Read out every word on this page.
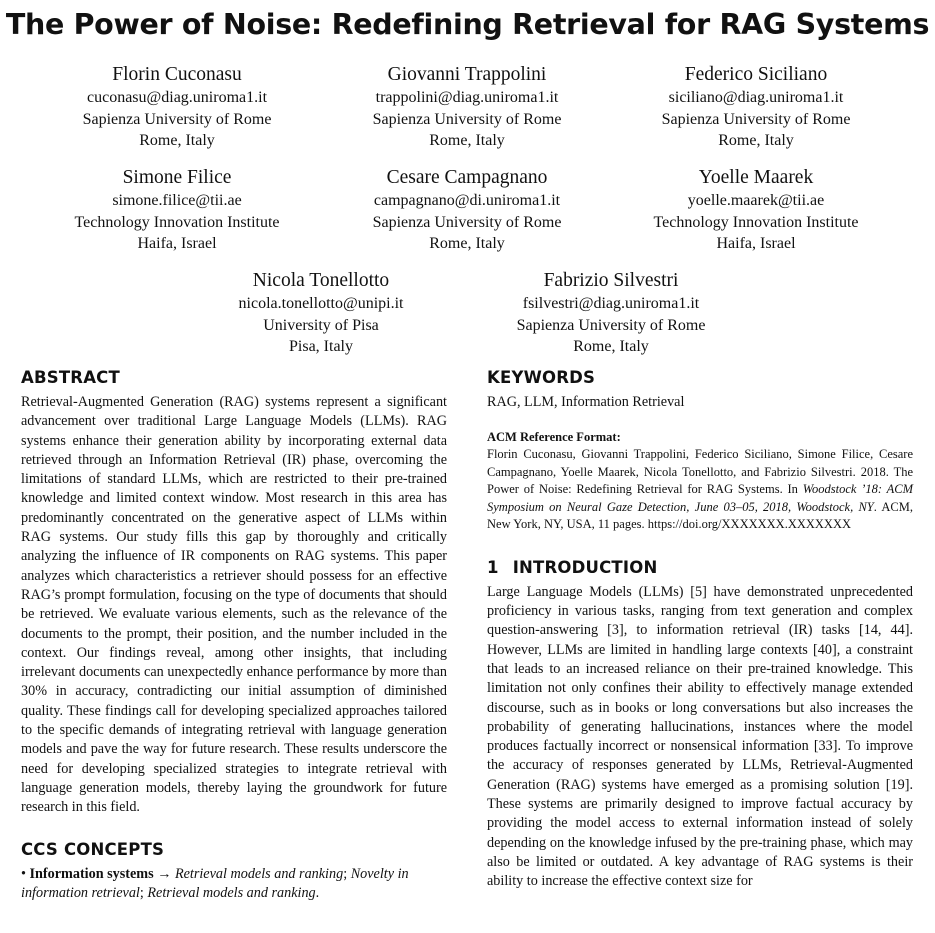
The Power of Noise: Redefining Retrieval for RAG Systems
Florin Cuconasu
cuconasu@diag.uniroma1.it
Sapienza University of Rome
Rome, Italy
Giovanni Trappolini
trappolini@diag.uniroma1.it
Sapienza University of Rome
Rome, Italy
Federico Siciliano
siciliano@diag.uniroma1.it
Sapienza University of Rome
Rome, Italy
Simone Filice
simone.filice@tii.ae
Technology Innovation Institute
Haifa, Israel
Cesare Campagnano
campagnano@di.uniroma1.it
Sapienza University of Rome
Rome, Italy
Yoelle Maarek
yoelle.maarek@tii.ae
Technology Innovation Institute
Haifa, Israel
Nicola Tonellotto
nicola.tonellotto@unipi.it
University of Pisa
Pisa, Italy
Fabrizio Silvestri
fsilvestri@diag.uniroma1.it
Sapienza University of Rome
Rome, Italy
ABSTRACT

Retrieval-Augmented Generation (RAG) systems represent a significant advancement over traditional Large Language Models (LLMs). RAG systems enhance their generation ability by incorporating external data retrieved through an Information Retrieval (IR) phase, overcoming the limitations of standard LLMs, which are restricted to their pre-trained knowledge and limited context window. Most research in this area has predominantly concentrated on the generative aspect of LLMs within RAG systems. Our study fills this gap by thoroughly and critically analyzing the influence of IR components on RAG systems. This paper analyzes which characteristics a retriever should possess for an effective RAG’s prompt formulation, focusing on the type of documents that should be retrieved. We evaluate various elements, such as the relevance of the documents to the prompt, their position, and the number included in the context. Our findings reveal, among other insights, that including irrelevant documents can unexpectedly enhance performance by more than 30% in accuracy, contradicting our initial assumption of diminished quality. These findings call for developing specialized approaches tailored to the specific demands of integrating retrieval with language generation models and pave the way for future research. These results underscore the need for developing specialized strategies to integrate retrieval with language generation models, thereby laying the groundwork for future research in this field.

CCS CONCEPTS

• Information systems → Retrieval models and ranking; Novelty in information retrieval; Retrieval models and ranking.

KEYWORDS

RAG, LLM, Information Retrieval

ACM Reference Format:

Florin Cuconasu, Giovanni Trappolini, Federico Siciliano, Simone Filice, Cesare Campagnano, Yoelle Maarek, Nicola Tonellotto, and Fabrizio Silvestri. 2018. The Power of Noise: Redefining Retrieval for RAG Systems. In Woodstock ’18: ACM Symposium on Neural Gaze Detection, June 03–05, 2018, Woodstock, NY. ACM, New York, NY, USA, 11 pages. https://doi.org/XXXXXXX.XXXXXXX

1 INTRODUCTION

Large Language Models (LLMs) [5] have demonstrated unprecedented proficiency in various tasks, ranging from text generation and complex question-answering [3], to information retrieval (IR) tasks [14, 44]. However, LLMs are limited in handling large contexts [40], a constraint that leads to an increased reliance on their pre-trained knowledge. This limitation not only confines their ability to effectively manage extended discourse, such as in books or long conversations but also increases the probability of generating hallucinations, instances where the model produces factually incorrect or nonsensical information [33]. To improve the accuracy of responses generated by LLMs, Retrieval-Augmented Generation (RAG) systems have emerged as a promising solution [19]. These systems are primarily designed to improve factual accuracy by providing the model access to external information instead of solely depending on the knowledge infused by the pre-training phase, which may also be limited or outdated. A key advantage of RAG systems is their ability to increase the effective context size for
